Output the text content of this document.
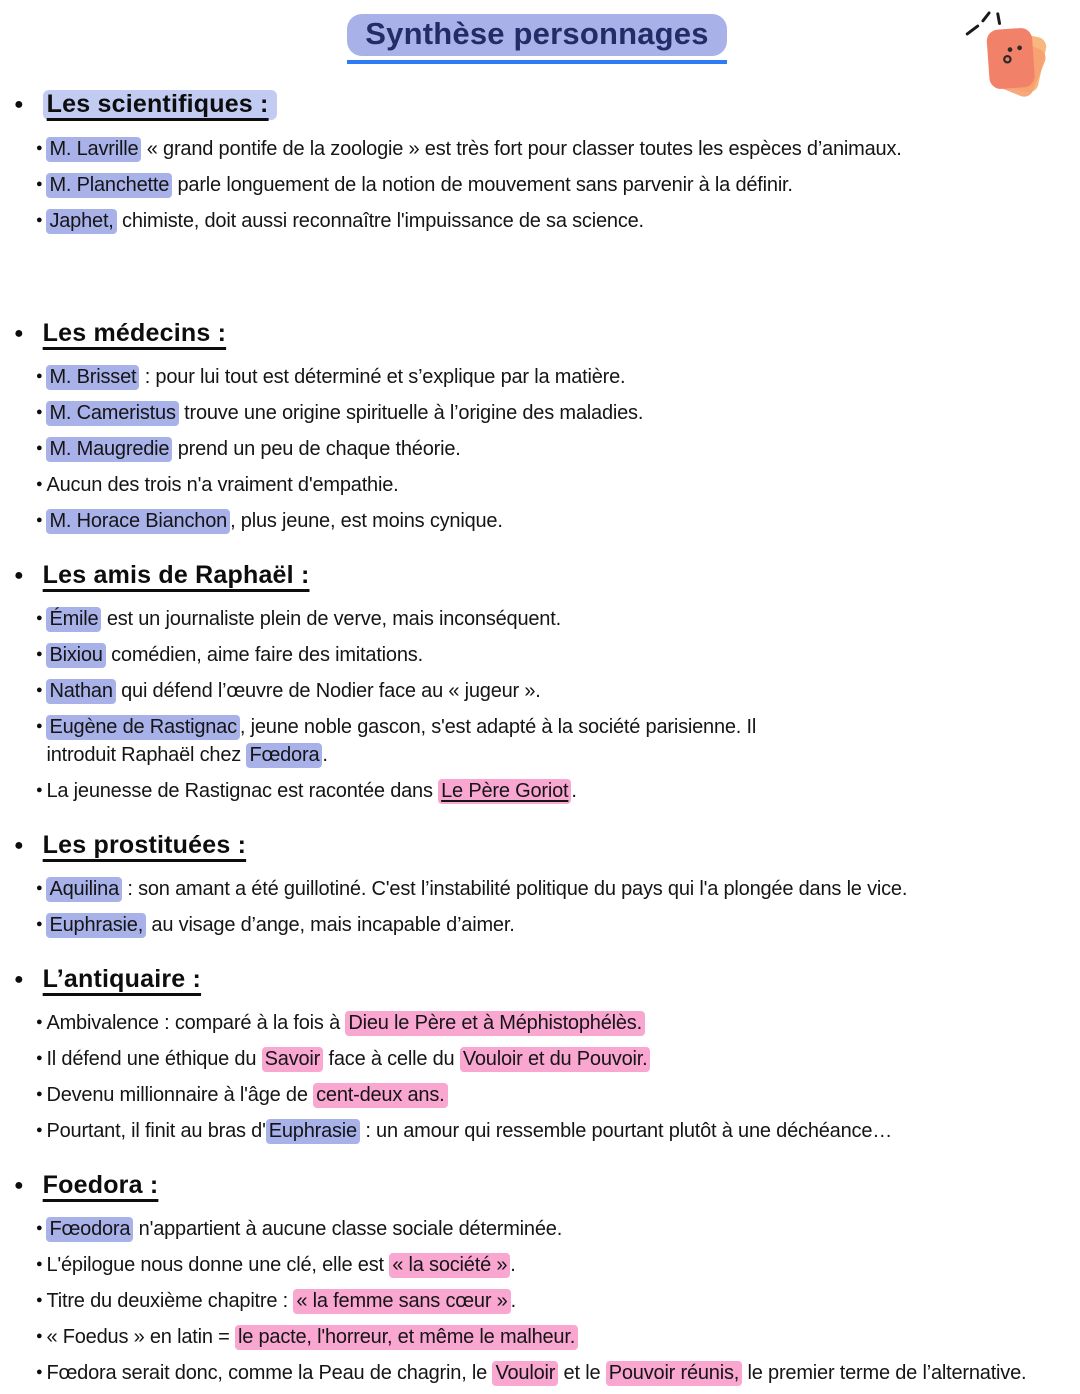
Synthèse personnages
● Les scientifiques :
● M. Lavrille « grand pontife de la zoologie » est très fort pour classer toutes les espèces d’animaux.
● M. Planchette parle longuement de la notion de mouvement sans parvenir à la définir.
● Japhet, chimiste, doit aussi reconnaître l'impuissance de sa science.
● Les médecins :
● M. Brisset : pour lui tout est déterminé et s’explique par la matière.
● M. Cameristus trouve une origine spirituelle à l’origine des maladies.
● M. Maugredie prend un peu de chaque théorie.
● Aucun des trois n'a vraiment d'empathie.
● M. Horace Bianchon , plus jeune, est moins cynique.
● Les amis de Raphaël :
● Émile est un journaliste plein de verve, mais inconséquent.
● Bixiou comédien, aime faire des imitations.
● Nathan qui défend l’œuvre de Nodier face au « jugeur ».
● Eugène de Rastignac , jeune noble gascon, s'est adapté à la société parisienne. Il
introduit Raphaël chez Fœdora .
● La jeunesse de Rastignac est racontée dans Le Père Goriot .
● Les prostituées :
● Aquilina : son amant a été guillotiné. C'est l’instabilité politique du pays qui l'a plongée dans le vice.
● Euphrasie, au visage d’ange, mais incapable d’aimer.
● L’antiquaire :
● Ambivalence : comparé à la fois à Dieu le Père et à Méphistophélès.
● Il défend une éthique du Savoir face à celle du Vouloir et du Pouvoir.
● Devenu millionnaire à l'âge de cent-deux ans.
● Pourtant, il finit au bras d' Euphrasie : un amour qui ressemble pourtant plutôt à une déchéance…
● Foedora :
● Fœodora n'appartient à aucune classe sociale déterminée.
● L'épilogue nous donne une clé, elle est « la société » .
● Titre du deuxième chapitre : « la femme sans cœur » .
● « Foedus » en latin = le pacte, l'horreur, et même le malheur.
● Fœdora serait donc, comme la Peau de chagrin, le Vouloir et le Pouvoir réunis, le premier terme de l’alternative.
